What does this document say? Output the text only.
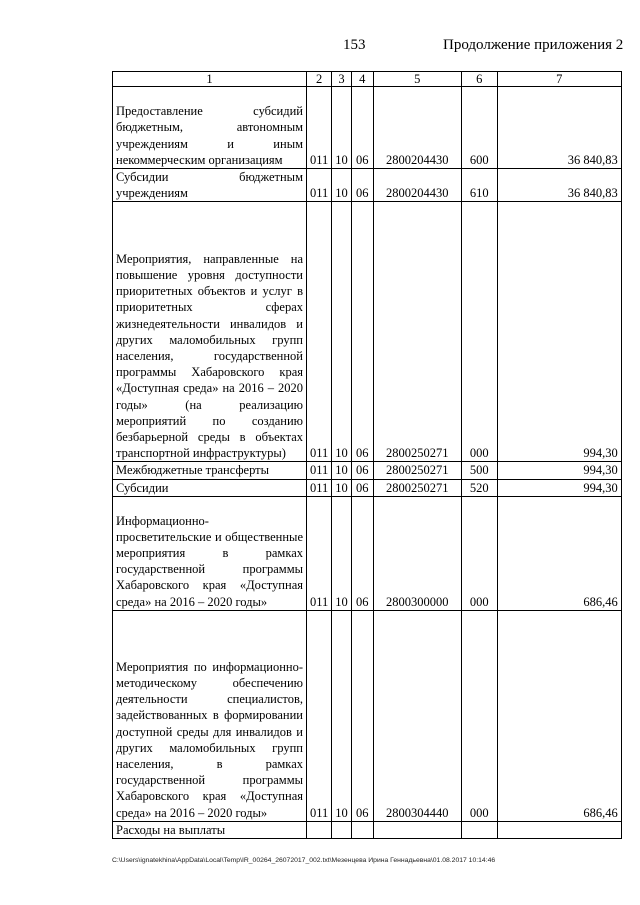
153	Продолжение приложения 2
1	2	3	4	5	6	7
Предоставление субсидий бюджетным, автономным учреждениям и иным некоммерческим организациям	011	10	06	2800204430	600	36 840,83
Субсидии бюджетным учреждениям	011	10	06	2800204430	610	36 840,83
Мероприятия, направленные на повышение уровня доступности приоритетных объектов и услуг в приоритетных сферах жизнедеятельности инвалидов и других маломобильных групп населения, государственной программы Хабаровского края «Доступная среда» на 2016 – 2020 годы» (на реализацию мероприятий по созданию безбарьерной среды в объектах транспортной инфраструктуры)	011	10	06	2800250271	000	994,30
Межбюджетные трансферты	011	10	06	2800250271	500	994,30
Субсидии	011	10	06	2800250271	520	994,30
Информационно-просветительские и общественные мероприятия в рамках государственной программы Хабаровского края «Доступная среда» на 2016 – 2020 годы»	011	10	06	2800300000	000	686,46
Мероприятия по информационно-методическому обеспечению деятельности специалистов, задействованных в формировании доступной среды для инвалидов и других маломобильных групп населения, в рамках государственной программы Хабаровского края «Доступная среда» на 2016 – 2020 годы»	011	10	06	2800304440	000	686,46
Расходы на выплаты						
C:\Users\ignatekhina\AppData\Local\Temp\IR_00264_26072017_002.txt\Мезенцева Ирина Геннадьевна\01.08.2017 10:14:46
